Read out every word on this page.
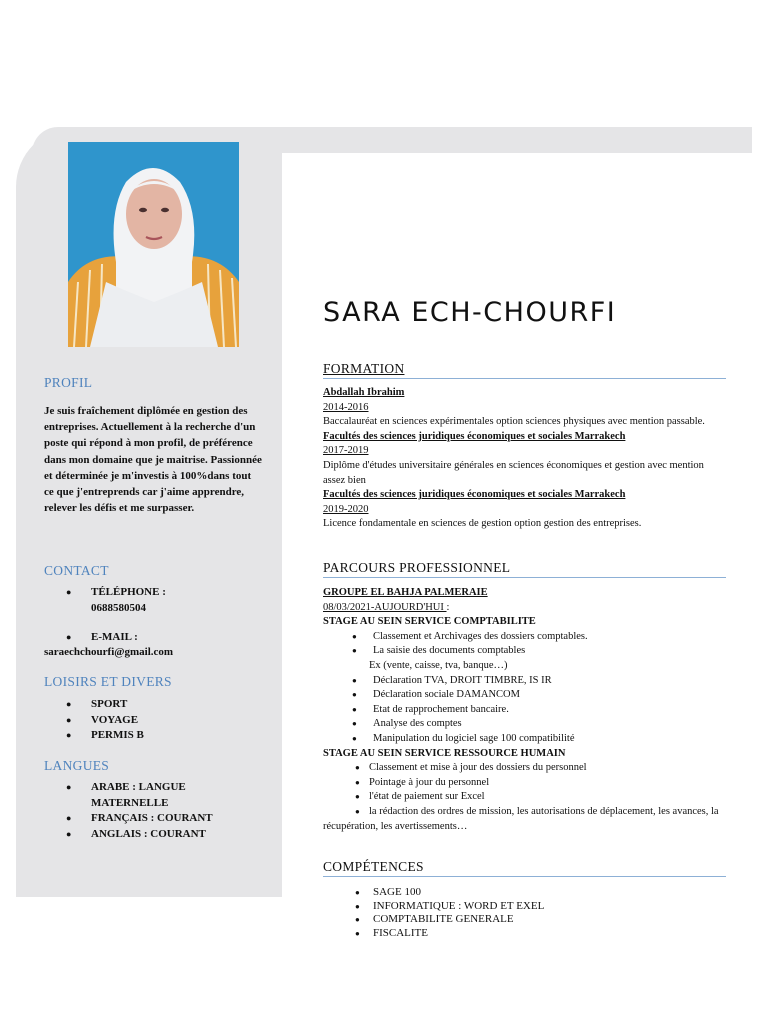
PROFIL
Je suis fraîchement diplômée en gestion des entreprises. Actuellement à la recherche d'un poste qui répond à mon profil, de préférence dans mon domaine que je maitrise. Passionnée et déterminée je m'investis à 100%dans tout ce que j'entreprends car j'aime apprendre, relever les défis et me surpasser.
CONTACT
● TÉLÉPHONE :
0688580504
● E-MAIL :
saraechchourfi@gmail.com
LOISIRS ET DIVERS
● SPORT
● VOYAGE
● PERMIS B
LANGUES
● ARABE : LANGUE MATERNELLE
● FRANÇAIS : COURANT
● ANGLAIS : COURANT
SARA ECH-CHOURFI
FORMATION
Abdallah Ibrahim
2014-2016
Baccalauréat en sciences expérimentales option sciences physiques avec mention passable.
Facultés des sciences juridiques économiques et sociales Marrakech
2017-2019
Diplôme d'études universitaire générales en sciences économiques et gestion avec mention assez bien
Facultés des sciences juridiques économiques et sociales Marrakech
2019-2020
Licence fondamentale en sciences de gestion option gestion des entreprises.
PARCOURS PROFESSIONNEL
GROUPE EL BAHJA PALMERAIE
08/03/2021-AUJOURD'HUI :
STAGE AU SEIN SERVICE COMPTABILITE
● Classement et Archivages des dossiers comptables.
● La saisie des documents comptables
Ex (vente, caisse, tva, banque…)
● Déclaration TVA, DROIT TIMBRE, IS IR
● Déclaration sociale DAMANCOM
● Etat de rapprochement bancaire.
● Analyse des comptes
● Manipulation du logiciel sage 100 compatibilité
STAGE AU SEIN SERVICE RESSOURCE HUMAIN
● Classement et mise à jour des dossiers du personnel
● Pointage à jour du personnel
● l'état de paiement sur Excel
● la rédaction des ordres de mission, les autorisations de déplacement, les avances, la récupération, les avertissements…
COMPÉTENCES
● SAGE 100
● INFORMATIQUE : WORD ET EXEL
● COMPTABILITE GENERALE
● FISCALITE
